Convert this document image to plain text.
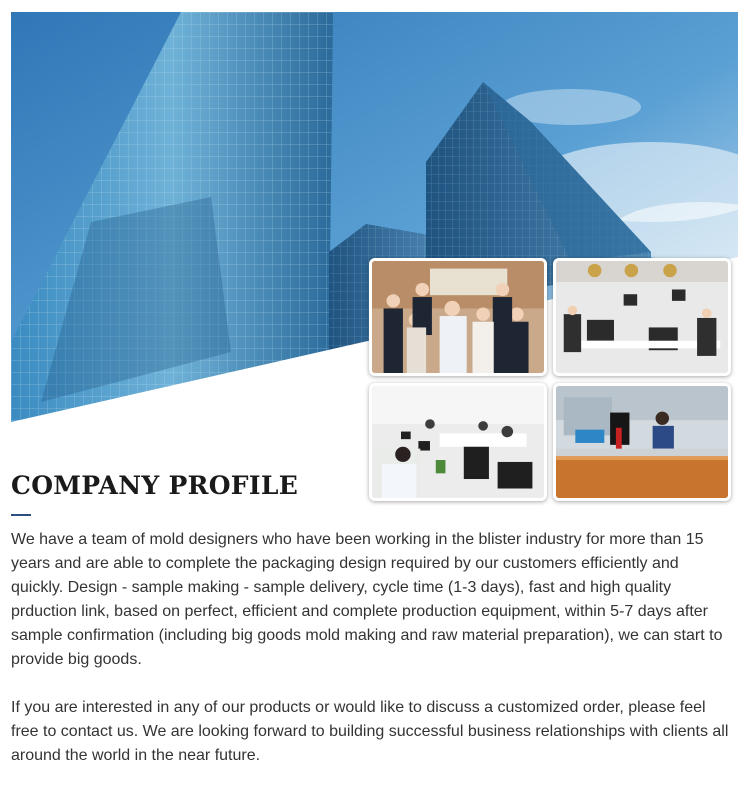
COMPANY PROFILE

We have a team of mold designers who have been working in the blister industry for more than 15 years and are able to complete the packaging design required by our customers efficiently and quickly. Design - sample making - sample delivery, cycle time (1-3 days), fast and high quality prduction link, based on perfect, efficient and complete production equipment, within 5-7 days after sample confirmation (including big goods mold making and raw material preparation), we can start to provide big goods.

If you are interested in any of our products or would like to discuss a customized order, please feel free to contact us. We are looking forward to building successful business relationships with clients all around the world in the near future.
